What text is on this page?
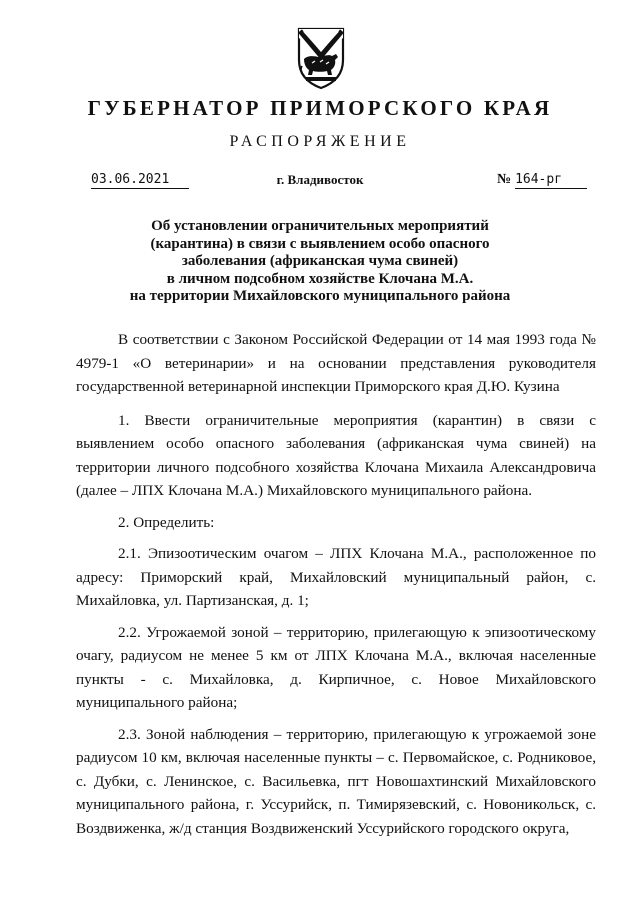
ГУБЕРНАТОР ПРИМОРСКОГО КРАЯ
РАСПОРЯЖЕНИЕ
03.06.2021	г. Владивосток	№ 164-рг
Об установлении ограничительных мероприятий
(карантина) в связи с выявлением особо опасного
заболевания (африканская чума свиней)
в личном подсобном хозяйстве Клочана М.А.
на территории Михайловского муниципального района

В соответствии с Законом Российской Федерации от 14 мая 1993 года № 4979-1 «О ветеринарии» и на основании представления руководителя государственной ветеринарной инспекции Приморского края Д.Ю. Кузина

1. Ввести ограничительные мероприятия (карантин) в связи с выявлением особо опасного заболевания (африканская чума свиней) на территории личного подсобного хозяйства Клочана Михаила Александровича (далее – ЛПХ Клочана М.А.) Михайловского муниципального района.

2. Определить:

2.1. Эпизоотическим очагом – ЛПХ Клочана М.А., расположенное по адресу: Приморский край, Михайловский муниципальный район, с. Михайловка, ул. Партизанская, д. 1;

2.2. Угрожаемой зоной – территорию, прилегающую к эпизоотическому очагу, радиусом не менее 5 км от ЛПХ Клочана М.А., включая населенные пункты - с. Михайловка, д. Кирпичное, с. Новое Михайловского муниципального района;

2.3. Зоной наблюдения – территорию, прилегающую к угрожаемой зоне радиусом 10 км, включая населенные пункты – с. Первомайское, с. Родниковое, с. Дубки, с. Ленинское, с. Васильевка, пгт Новошахтинский Михайловского муниципального района, г. Уссурийск, п. Тимирязевский, с. Новоникольск, с. Воздвиженка, ж/д станция Воздвиженский Уссурийского городского округа,
